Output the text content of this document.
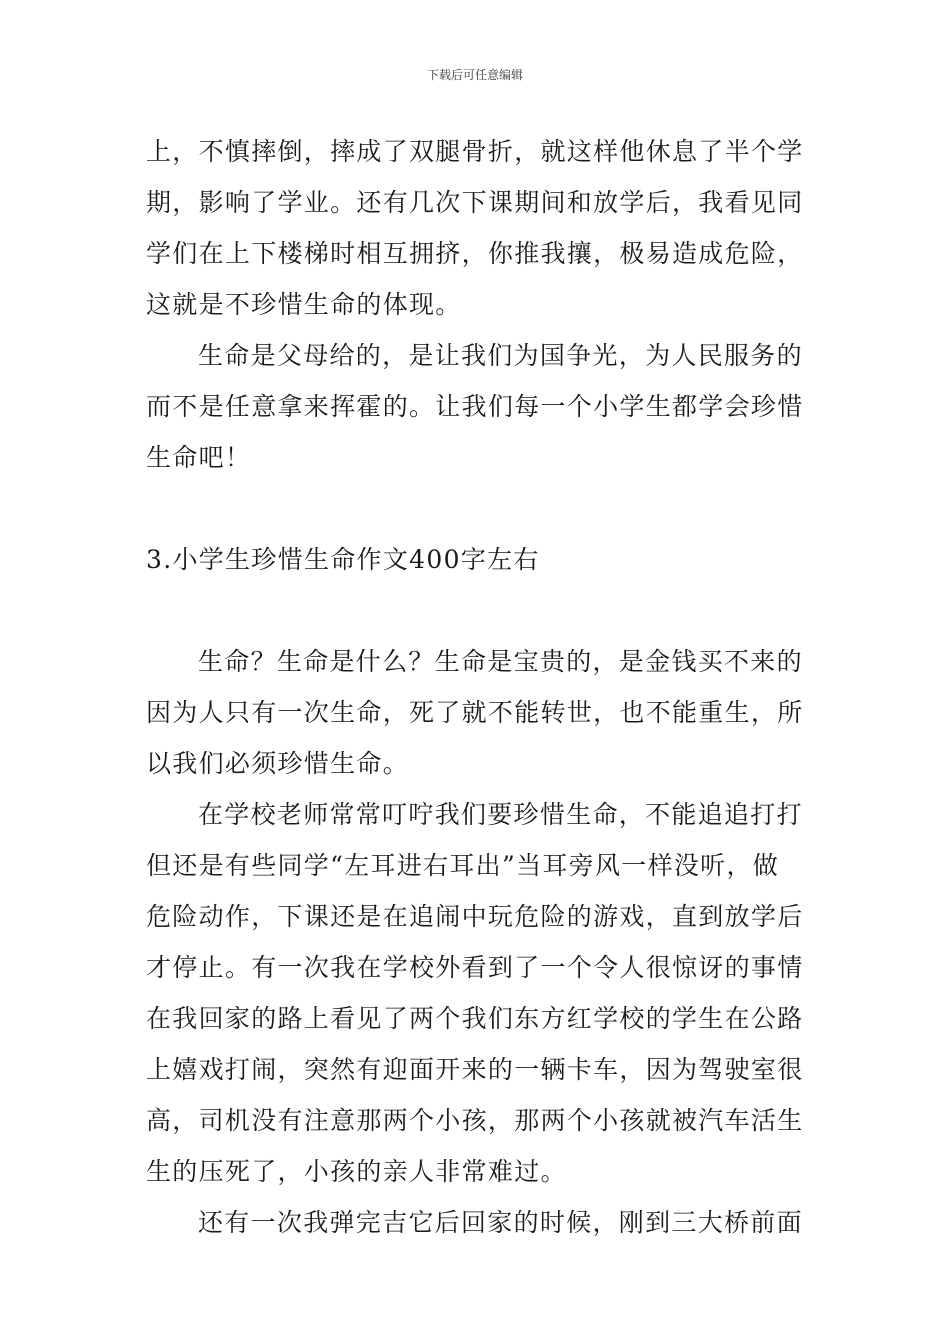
下载后可任意编辑
上，不慎摔倒，摔成了双腿骨折，就这样他休息了半个学
期，影响了学业。还有几次下课期间和放学后，我看见同
学们在上下楼梯时相互拥挤，你推我攘，极易造成危险，
这就是不珍惜生命的体现。
生命是父母给的，是让我们为国争光，为人民服务的
而不是任意拿来挥霍的。让我们每一个小学生都学会珍惜
生命吧！
3.小学生珍惜生命作文400字左右
生命？生命是什么？生命是宝贵的，是金钱买不来的
因为人只有一次生命，死了就不能转世，也不能重生，所
以我们必须珍惜生命。
在学校老师常常叮咛我们要珍惜生命，不能追追打打
但还是有些同学“左耳进右耳出”当耳旁风一样没听，做
危险动作，下课还是在追闹中玩危险的游戏，直到放学后
才停止。有一次我在学校外看到了一个令人很惊讶的事情
在我回家的路上看见了两个我们东方红学校的学生在公路
上嬉戏打闹，突然有迎面开来的一辆卡车，因为驾驶室很
高，司机没有注意那两个小孩，那两个小孩就被汽车活生
生的压死了，小孩的亲人非常难过。
还有一次我弹完吉它后回家的时候，刚到三大桥前面
